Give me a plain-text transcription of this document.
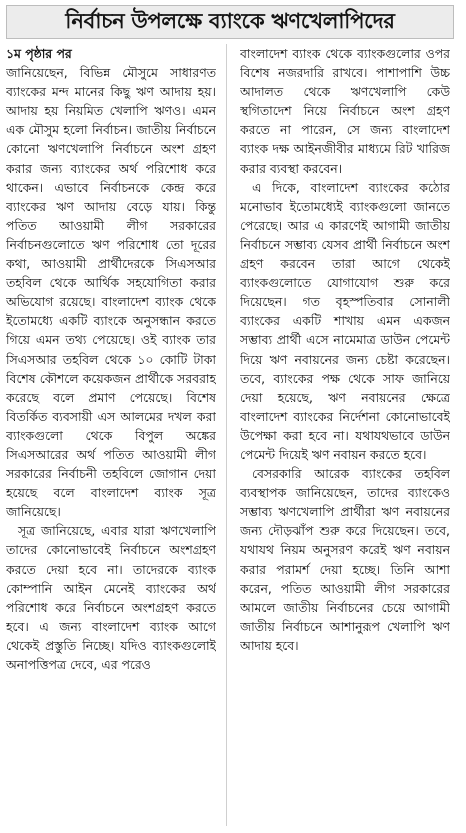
নির্বাচন উপলক্ষে ব্যাংকে ঋণখেলাপিদের

১ম পৃষ্ঠার পর

জানিয়েছেন, বিভিন্ন মৌসুমে সাধারণত ব্যাংকের মন্দ মানের কিছু ঋণ আদায় হয়। আদায় হয় নিয়মিত খেলাপি ঋণও। এমন এক মৌসুম হলো নির্বাচন। জাতীয় নির্বাচনে কোনো ঋণখেলাপি নির্বাচনে অংশ গ্রহণ করার জন্য ব্যাংকের অর্থ পরিশোধ করে থাকেন। এভাবে নির্বাচনকে কেন্দ্র করে ব্যাংকের ঋণ আদায় বেড়ে যায়। কিন্তু পতিত আওয়ামী লীগ সরকারের নির্বাচনগুলোতে ঋণ পরিশোধ তো দূরের কথা, আওয়ামী প্রার্থীদেরকে সিএসআর তহবিল থেকে আর্থিক সহযোগিতা করার অভিযোগ রয়েছে। বাংলাদেশ ব্যাংক থেকে ইতোমধ্যে একটি ব্যাংকে অনুসন্ধান করতে গিয়ে এমন তথ্য পেয়েছে। ওই ব্যাংক তার সিএসআর তহবিল থেকে ১০ কোটি টাকা বিশেষ কৌশলে কয়েকজন প্রার্থীকে সরবরাহ করেছে বলে প্রমাণ পেয়েছে। বিশেষ বিতর্কিত ব্যবসায়ী এস আলমের দখল করা ব্যাংকগুলো থেকে বিপুল অঙ্কের সিএসআরের অর্থ পতিত আওয়ামী লীগ সরকারের নির্বাচনী তহবিলে জোগান দেয়া হয়েছে বলে বাংলাদেশ ব্যাংক সূত্র জানিয়েছে।

সূত্র জানিয়েছে, এবার যারা ঋণখেলাপি তাদের কোনোভাবেই নির্বাচনে অংশগ্রহণ করতে দেয়া হবে না। তাদেরকে ব্যাংক কোম্পানি আইন মেনেই ব্যাংকের অর্থ পরিশোধ করে নির্বাচনে অংশগ্রহণ করতে হবে। এ জন্য বাংলাদেশ ব্যাংক আগে থেকেই প্রস্তুতি নিচ্ছে। যদিও ব্যাংকগুলোই অনাপত্তিপত্র দেবে, এর পরেও

বাংলাদেশ ব্যাংক থেকে ব্যাংকগুলোর ওপর বিশেষ নজরদারি রাখবে। পাশাপাশি উচ্চ আদালত থেকে ঋণখেলাপি কেউ স্থগিতাদেশ নিয়ে নির্বাচনে অংশ গ্রহণ করতে না পারেন, সে জন্য বাংলাদেশ ব্যাংক দক্ষ আইনজীবীর মাধ্যমে রিট খারিজ করার ব্যবস্থা করবেন।

এ দিকে, বাংলাদেশ ব্যাংকের কঠোর মনোভাব ইতোমধ্যেই ব্যাংকগুলো জানতে পেরেছে। আর এ কারণেই আগামী জাতীয় নির্বাচনে সম্ভাব্য যেসব প্রার্থী নির্বাচনে অংশ গ্রহণ করবেন তারা আগে থেকেই ব্যাংকগুলোতে যোগাযোগ শুরু করে দিয়েছেন। গত বৃহস্পতিবার সোনালী ব্যাংকের একটি শাখায় এমন একজন সম্ভাব্য প্রার্থী এসে নামেমাত্র ডাউন পেমেন্ট দিয়ে ঋণ নবায়নের জন্য চেষ্টা করেছেন। তবে, ব্যাংকের পক্ষ থেকে সাফ জানিয়ে দেয়া হয়েছে, ঋণ নবায়নের ক্ষেত্রে বাংলাদেশ ব্যাংকের নির্দেশনা কোনোভাবেই উপেক্ষা করা হবে না। যথাযথভাবে ডাউন পেমেন্ট দিয়েই ঋণ নবায়ন করতে হবে।

বেসরকারি আরেক ব্যাংকের তহবিল ব্যবস্থাপক জানিয়েছেন, তাদের ব্যাংকেও সম্ভাব্য ঋণখেলাপি প্রার্থীরা ঋণ নবায়নের জন্য দৌড়ঝাঁপ শুরু করে দিয়েছেন। তবে, যথাযথ নিয়ম অনুসরণ করেই ঋণ নবায়ন করার পরামর্শ দেয়া হচ্ছে। তিনি আশা করেন, পতিত আওয়ামী লীগ সরকারের আমলে জাতীয় নির্বাচনের চেয়ে আগামী জাতীয় নির্বাচনে আশানুরূপ খেলাপি ঋণ আদায় হবে।
